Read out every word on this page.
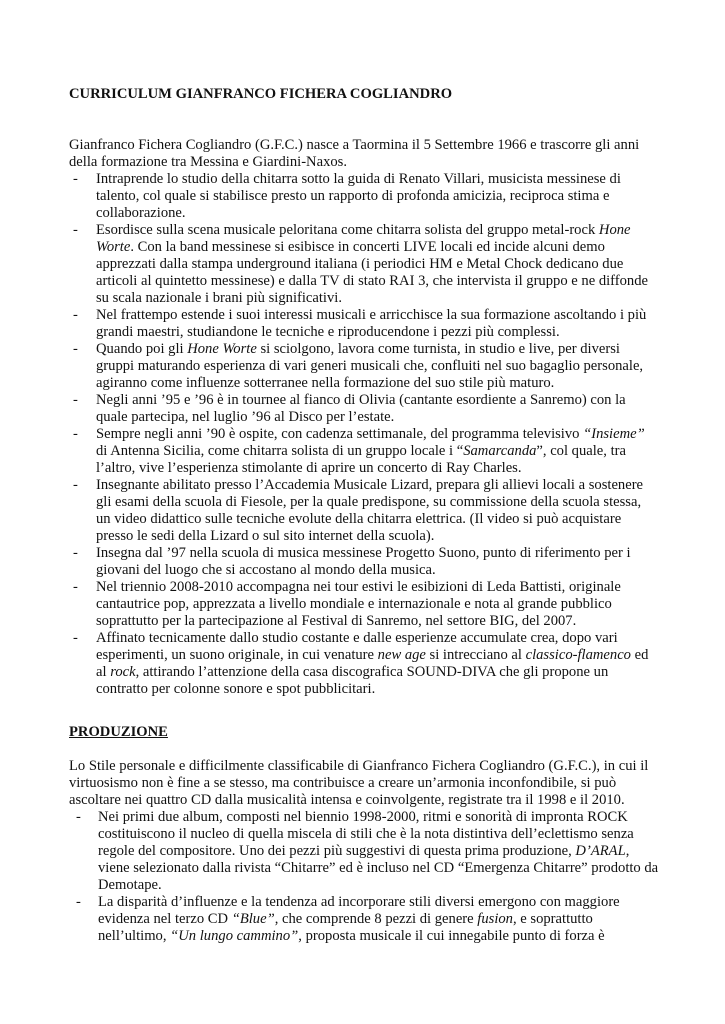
CURRICULUM GIANFRANCO FICHERA COGLIANDRO

Gianfranco Fichera Cogliandro (G.F.C.) nasce a Taormina il 5 Settembre 1966 e trascorre gli anni della formazione tra Messina e Giardini-Naxos.

- Intraprende lo studio della chitarra sotto la guida di Renato Villari, musicista messinese di talento, col quale si stabilisce presto un rapporto di profonda amicizia, reciproca stima e collaborazione.
- Esordisce sulla scena musicale peloritana come chitarra solista del gruppo metal-rock Hone Worte. Con la band messinese si esibisce in concerti LIVE locali ed incide alcuni demo apprezzati dalla stampa underground italiana (i periodici HM e Metal Chock dedicano due articoli al quintetto messinese) e dalla TV di stato RAI 3, che intervista il gruppo e ne diffonde su scala nazionale i brani più significativi.
- Nel frattempo estende i suoi interessi musicali e arricchisce la sua formazione ascoltando i più grandi maestri, studiandone le tecniche e riproducendone i pezzi più complessi.
- Quando poi gli Hone Worte si sciolgono, lavora come turnista, in studio e live, per diversi gruppi maturando esperienza di vari generi musicali che, confluiti nel suo bagaglio personale, agiranno come influenze sotterranee nella formazione del suo stile più maturo.
- Negli anni ’95 e ’96 è in tournee al fianco di Olivia (cantante esordiente a Sanremo) con la quale partecipa, nel luglio ’96 al Disco per l’estate.
- Sempre negli anni ’90 è ospite, con cadenza settimanale, del programma televisivo “Insieme” di Antenna Sicilia, come chitarra solista di un gruppo locale i “Samarcanda”, col quale, tra l’altro, vive l’esperienza stimolante di aprire un concerto di Ray Charles.
- Insegnante abilitato presso l’Accademia Musicale Lizard, prepara gli allievi locali a sostenere gli esami della scuola di Fiesole, per la quale predispone, su commissione della scuola stessa, un video didattico sulle tecniche evolute della chitarra elettrica. (Il video si può acquistare presso le sedi della Lizard o sul sito internet della scuola).
- Insegna dal ’97 nella scuola di musica messinese Progetto Suono, punto di riferimento per i giovani del luogo che si accostano al mondo della musica.
- Nel triennio 2008-2010 accompagna nei tour estivi le esibizioni di Leda Battisti, originale cantautrice pop, apprezzata a livello mondiale e internazionale e nota al grande pubblico soprattutto per la partecipazione al Festival di Sanremo, nel settore BIG, del 2007.
- Affinato tecnicamente dallo studio costante e dalle esperienze accumulate crea, dopo vari esperimenti, un suono originale, in cui venature new age si intrecciano al classico-flamenco ed al rock, attirando l’attenzione della casa discografica SOUND-DIVA che gli propone un contratto per colonne sonore e spot pubblicitari.
PRODUZIONE

Lo Stile personale e difficilmente classificabile di Gianfranco Fichera Cogliandro (G.F.C.), in cui il virtuosismo non è fine a se stesso, ma contribuisce a creare un’armonia inconfondibile, si può ascoltare nei quattro CD dalla musicalità intensa e coinvolgente, registrate tra il 1998 e il 2010.

- Nei primi due album, composti nel biennio 1998-2000, ritmi e sonorità di impronta ROCK costituiscono il nucleo di quella miscela di stili che è la nota distintiva dell’eclettismo senza regole del compositore. Uno dei pezzi più suggestivi di questa prima produzione, D’ARAL, viene selezionato dalla rivista “Chitarre” ed è incluso nel CD “Emergenza Chitarre” prodotto da Demotape.
- La disparità d’influenze e la tendenza ad incorporare stili diversi emergono con maggiore evidenza nel terzo CD “Blue”, che comprende 8 pezzi di genere fusion, e soprattutto nell’ultimo, “Un lungo cammino”, proposta musicale il cui innegabile punto di forza è
